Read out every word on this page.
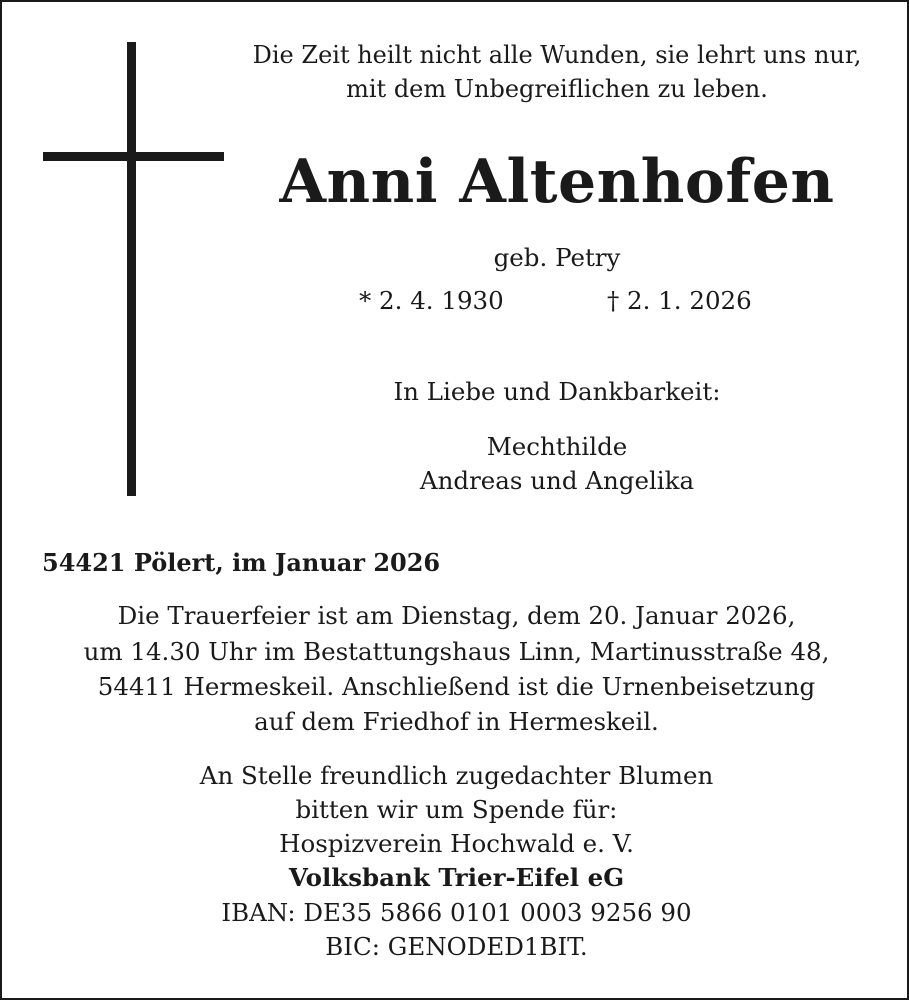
Die Zeit heilt nicht alle Wunden, sie lehrt uns nur,
mit dem Unbegreiflichen zu leben.
Anni Altenhofen
geb. Petry
* 2. 4. 1930	† 2. 1. 2026
In Liebe und Dankbarkeit:
Mechthilde
Andreas und Angelika
54421 Pölert, im Januar 2026
Die Trauerfeier ist am Dienstag, dem 20. Januar 2026,
um 14.30 Uhr im Bestattungshaus Linn, Martinusstraße 48,
54411 Hermeskeil. Anschließend ist die Urnenbeisetzung
auf dem Friedhof in Hermeskeil.
An Stelle freundlich zugedachter Blumen
bitten wir um Spende für:
Hospizverein Hochwald e. V.
Volksbank Trier-Eifel eG
IBAN: DE35 5866 0101 0003 9256 90
BIC: GENODED1BIT.
